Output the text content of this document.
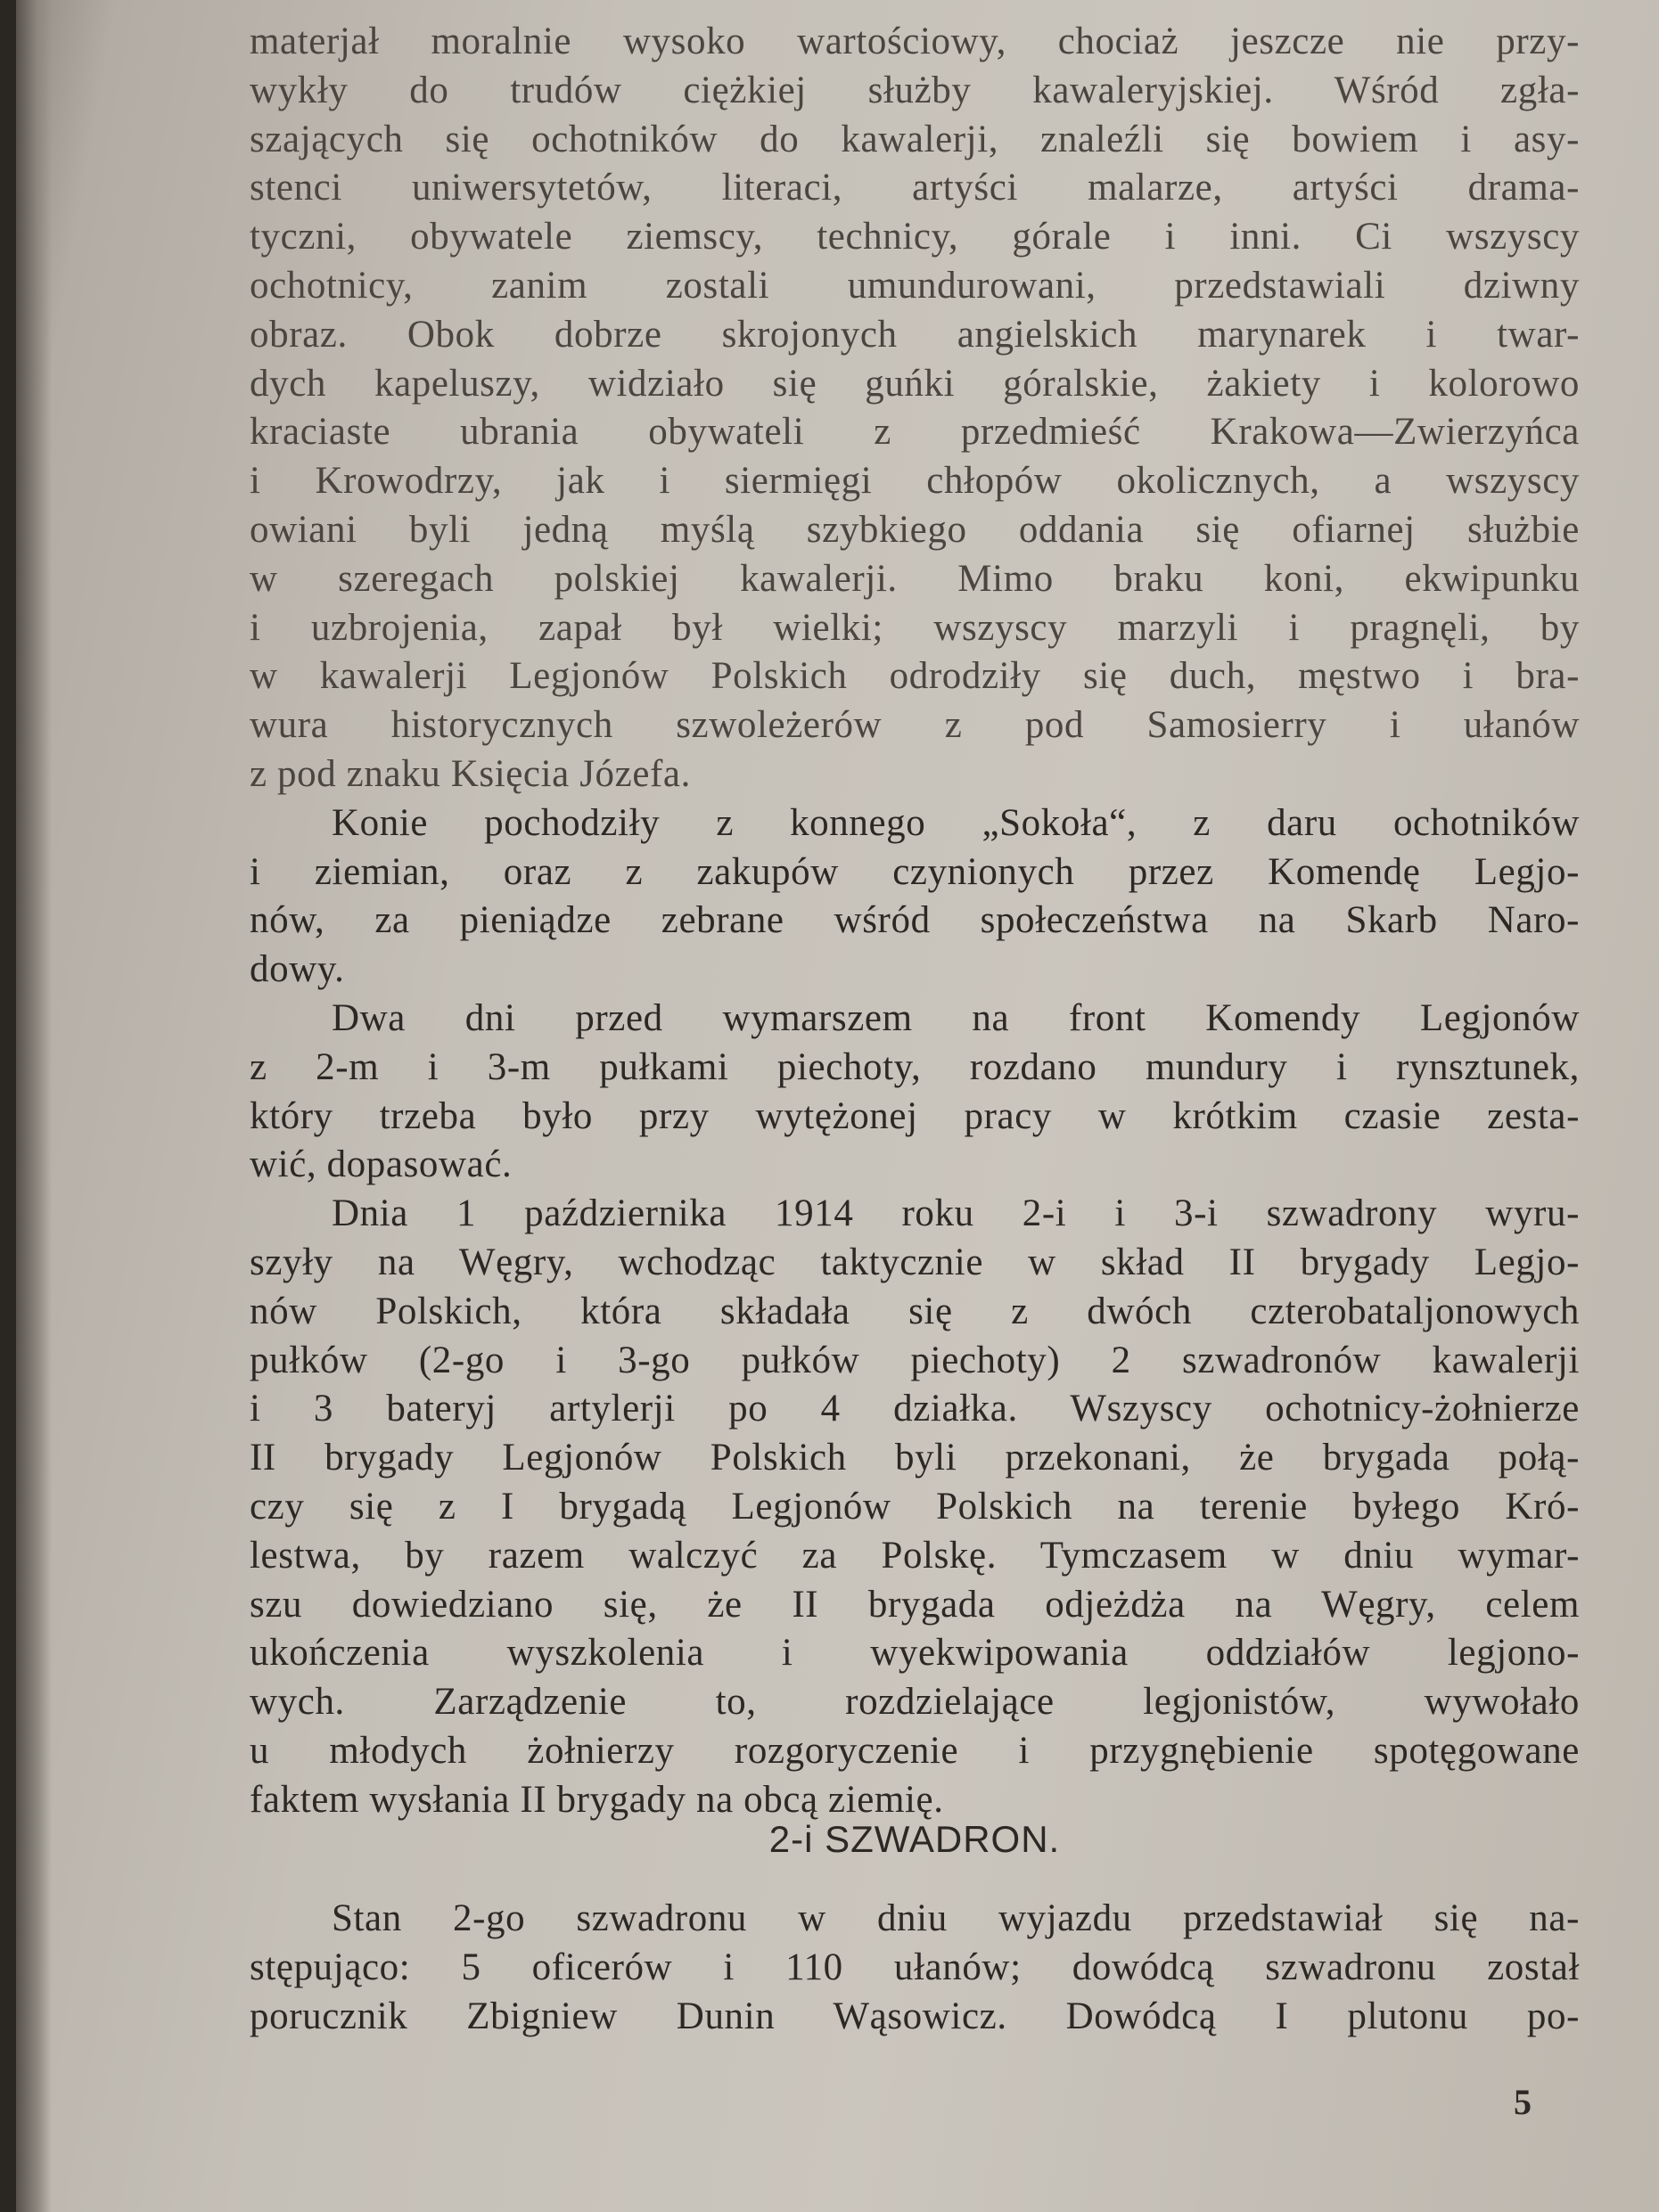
materjał moralnie wysoko wartościowy, chociaż jeszcze nie przy-
wykły do trudów ciężkiej służby kawaleryjskiej. Wśród zgła-
szających się ochotników do kawalerji, znaleźli się bowiem i asy-
stenci uniwersytetów, literaci, artyści malarze, artyści drama-
tyczni, obywatele ziemscy, technicy, górale i inni. Ci wszyscy
ochotnicy, zanim zostali umundurowani, przedstawiali dziwny
obraz. Obok dobrze skrojonych angielskich marynarek i twar-
dych kapeluszy, widziało się guńki góralskie, żakiety i kolorowo
kraciaste ubrania obywateli z przedmieść Krakowa—Zwierzyńca
i Krowodrzy, jak i siermięgi chłopów okolicznych, a wszyscy
owiani byli jedną myślą szybkiego oddania się ofiarnej służbie
w szeregach polskiej kawalerji. Mimo braku koni, ekwipunku
i uzbrojenia, zapał był wielki; wszyscy marzyli i pragnęli, by
w kawalerji Legjonów Polskich odrodziły się duch, męstwo i bra-
wura historycznych szwoleżerów z pod Samosierry i ułanów
z pod znaku Księcia Józefa.
Konie pochodziły z konnego „Sokoła“, z daru ochotników
i ziemian, oraz z zakupów czynionych przez Komendę Legjo-
nów, za pieniądze zebrane wśród społeczeństwa na Skarb Naro-
dowy.
Dwa dni przed wymarszem na front Komendy Legjonów
z 2-m i 3-m pułkami piechoty, rozdano mundury i rynsztunek,
który trzeba było przy wytężonej pracy w krótkim czasie zesta-
wić, dopasować.
Dnia 1 października 1914 roku 2-i i 3-i szwadrony wyru-
szyły na Węgry, wchodząc taktycznie w skład II brygady Legjo-
nów Polskich, która składała się z dwóch czterobataljonowych
pułków (2-go i 3-go pułków piechoty) 2 szwadronów kawalerji
i 3 bateryj artylerji po 4 działka. Wszyscy ochotnicy-żołnierze
II brygady Legjonów Polskich byli przekonani, że brygada połą-
czy się z I brygadą Legjonów Polskich na terenie byłego Kró-
lestwa, by razem walczyć za Polskę. Tymczasem w dniu wymar-
szu dowiedziano się, że II brygada odjeżdża na Węgry, celem
ukończenia wyszkolenia i wyekwipowania oddziałów legjono-
wych. Zarządzenie to, rozdzielające legjonistów, wywołało
u młodych żołnierzy rozgoryczenie i przygnębienie spotęgowane
faktem wysłania II brygady na obcą ziemię.
2-i SZWADRON.
Stan 2-go szwadronu w dniu wyjazdu przedstawiał się na-
stępująco: 5 oficerów i 110 ułanów; dowódcą szwadronu został
porucznik Zbigniew Dunin Wąsowicz. Dowódcą I plutonu po-
5
